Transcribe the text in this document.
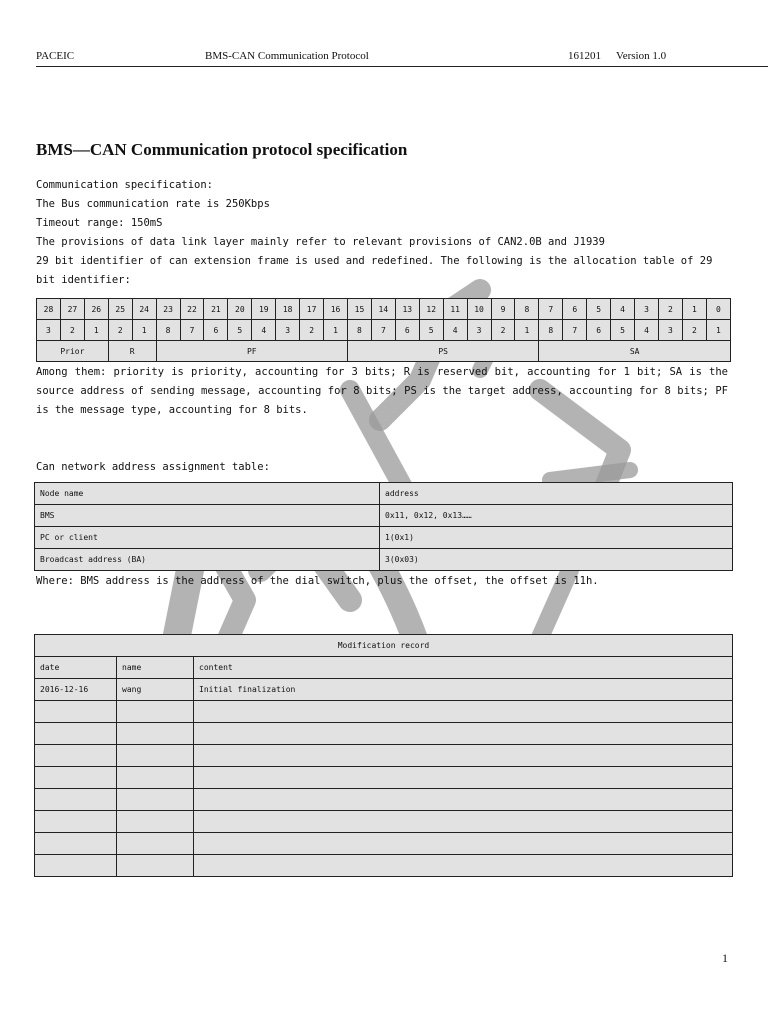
PACEIC	BMS-CAN Communication Protocol	161201 Version 1.0
BMS—CAN Communication protocol specification

Communication specification:

The Bus communication rate is 250Kbps

Timeout range: 150mS

The provisions of data link layer mainly refer to relevant provisions of CAN2.0B and J1939

29 bit identifier of can extension frame is used and redefined. The following is the allocation table of 29 bit identifier:

28	27	26	25	24	23	22	21	20	19	18	17	16	15	14	13	12	11	10	9	8	7	6	5	4	3	2	1	0
3	2	1	2	1	8	7	6	5	4	3	2	1	8	7	6	5	4	3	2	1	8	7	6	5	4	3	2	1
Prior			R		PF								PS								SA							
Among them: priority is priority, accounting for 3 bits; R is reserved bit, accounting for 1 bit; SA is the source address of sending message, accounting for 8 bits; PS is the target address, accounting for 8 bits; PF is the message type, accounting for 8 bits.
Can network address assignment table:
Node name	address
BMS	0x11, 0x12, 0x13……
PC or client	1(0x1)
Broadcast address (BA)	3(0x03)
Where: BMS address is the address of the dial switch, plus the offset, the offset is 11h.
Modification record		
date	name	content
2016-12-16	wang	Initial finalization

1
